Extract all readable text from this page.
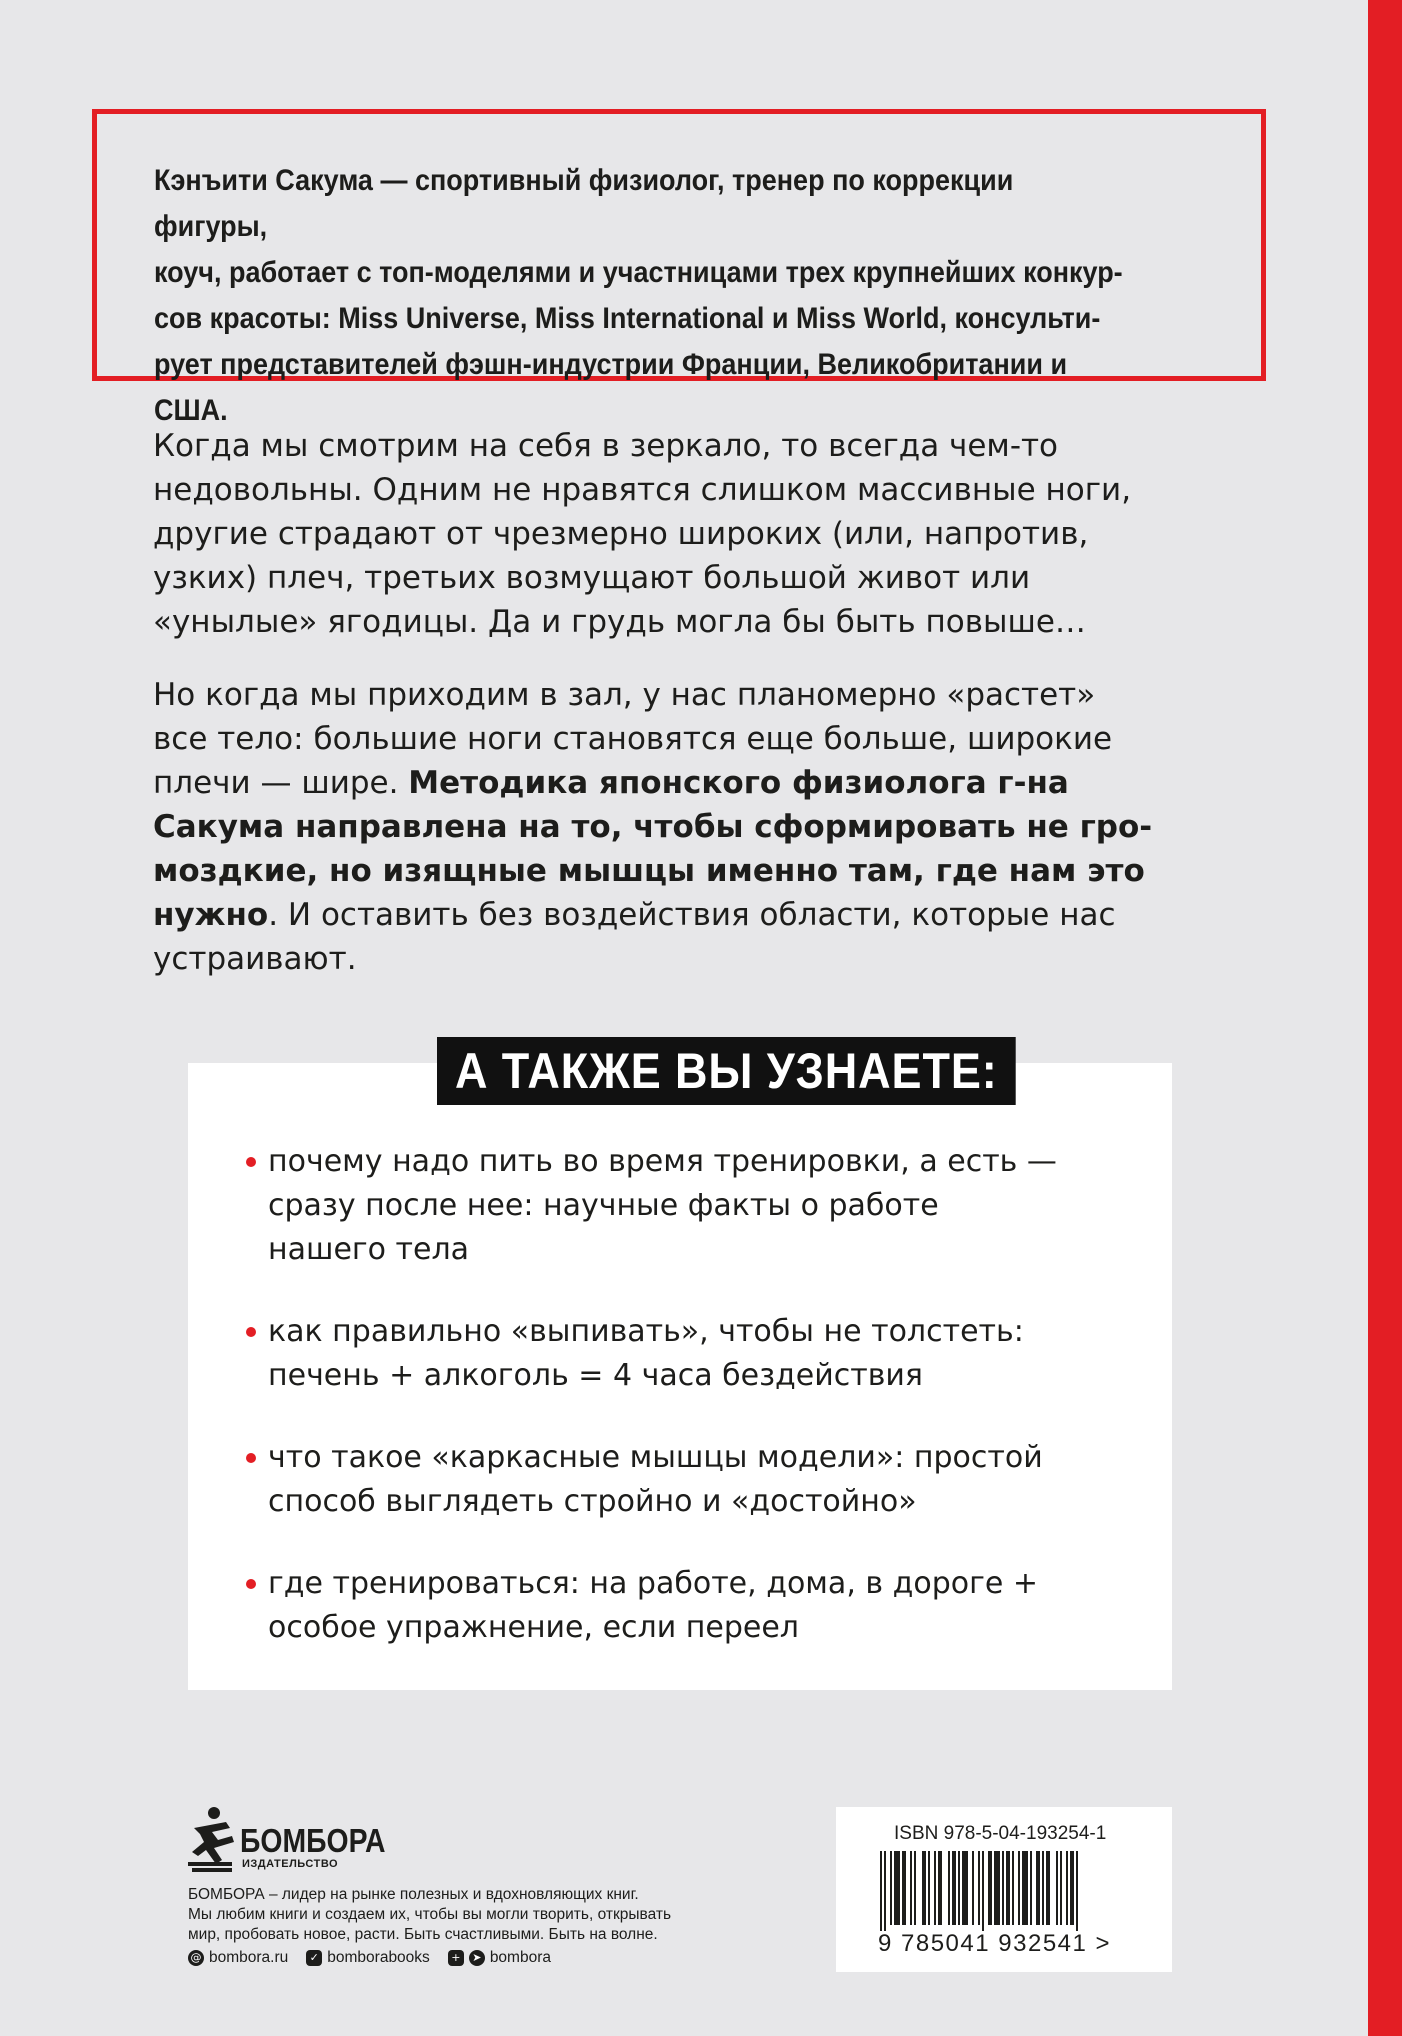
Кэнъити Сакума — спортивный физиолог, тренер по коррекции фигуры,
коуч, работает с топ-моделями и участницами трех крупнейших конкур-
сов красоты: Miss Universe, Miss International и Miss World, консульти-
рует представителей фэшн-индустрии Франции, Великобритании и США.

Когда мы смотрим на себя в зеркало, то всегда чем-то
недовольны. Одним не нравятся слишком массивные ноги,
другие страдают от чрезмерно широких (или, напротив,
узких) плеч, третьих возмущают большой живот или
«унылые» ягодицы. Да и грудь могла бы быть повыше…

Но когда мы приходим в зал, у нас планомерно «растет»
все тело: большие ноги становятся еще больше, широкие
плечи — шире. Методика японского физиолога г-на
Сакума направлена на то, чтобы сформировать не гро-
моздкие, но изящные мышцы именно там, где нам это
нужно. И оставить без воздействия области, которые нас
устраивают.

А ТАКЖЕ ВЫ УЗНАЕТЕ:
почему надо пить во время тренировки, а есть —
сразу после нее: научные факты о работе
нашего тела
как правильно «выпивать», чтобы не толстеть:
печень + алкоголь = 4 часа бездействия
что такое «каркасные мышцы модели»: простой
способ выглядеть стройно и «достойно»
где тренироваться: на работе, дома, в дороге +
особое упражнение, если переел
БОМБОРА
ИЗДАТЕЛЬСТВО

БОМБОРА – лидер на рынке полезных и вдохновляющих книг.
Мы любим книги и создаем их, чтобы вы могли творить, открывать
мир, пробовать новое, расти. Быть счастливыми. Быть на волне.

@ bombora.ru	✓ bomborabooks	+	➤ bombora
ISBN 978-5-04-193254-1
9 785041 932541 >
